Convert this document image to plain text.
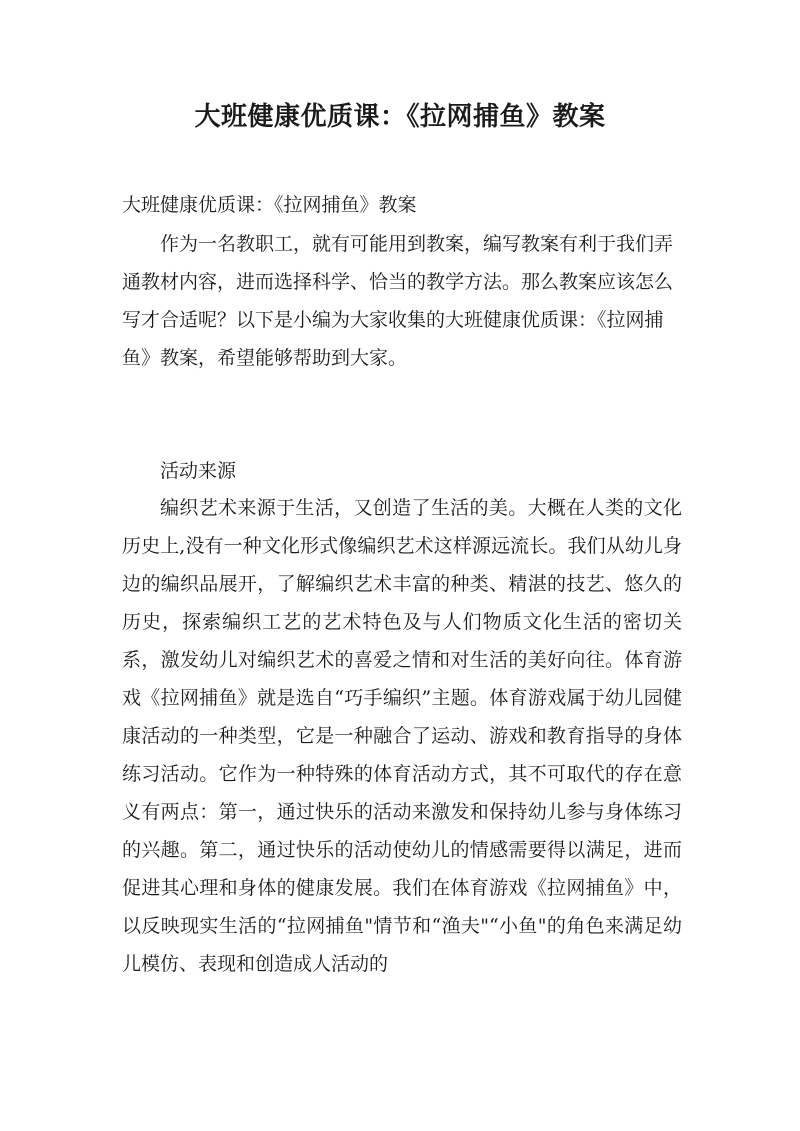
大班健康优质课：《拉网捕鱼》教案

大班健康优质课：《拉网捕鱼》教案

作为一名教职工，就有可能用到教案，编写教案有利于我们弄通教材内容，进而选择科学、恰当的教学方法。那么教案应该怎么写才合适呢？以下是小编为大家收集的大班健康优质课：《拉网捕鱼》教案，希望能够帮助到大家。

活动来源

编织艺术来源于生活，又创造了生活的美。大概在人类的文化历史上,没有一种文化形式像编织艺术这样源远流长。我们从幼儿身边的编织品展开，了解编织艺术丰富的种类、精湛的技艺、悠久的历史，探索编织工艺的艺术特色及与人们物质文化生活的密切关系，激发幼儿对编织艺术的喜爱之情和对生活的美好向往。体育游戏《拉网捕鱼》就是选自“巧手编织”主题。体育游戏属于幼儿园健康活动的一种类型，它是一种融合了运动、游戏和教育指导的身体练习活动。它作为一种特殊的体育活动方式，其不可取代的存在意义有两点：第一，通过快乐的活动来激发和保持幼儿参与身体练习的兴趣。第二，通过快乐的活动使幼儿的情感需要得以满足，进而促进其心理和身体的健康发展。我们在体育游戏《拉网捕鱼》中，以反映现实生活的“拉网捕鱼"情节和“渔夫"“小鱼"的角色来满足幼儿模仿、表现和创造成人活动的
